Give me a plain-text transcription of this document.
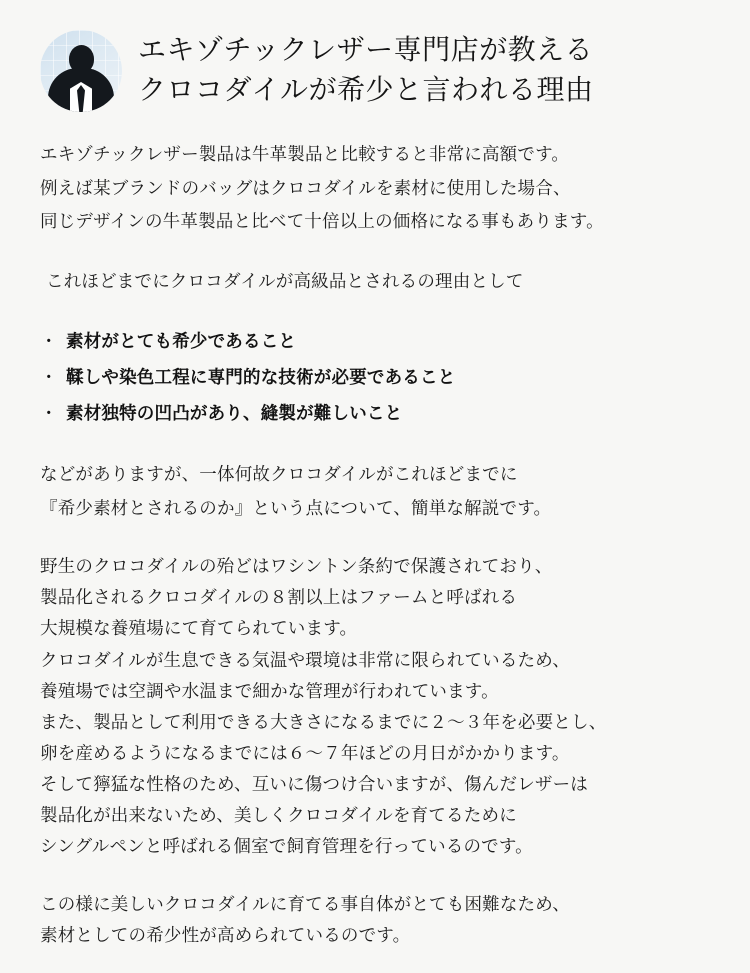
エキゾチックレザー専門店が教える
クロコダイルが希少と言われる理由
エキゾチックレザー製品は牛革製品と比較すると非常に高額です。
例えば某ブランドのバッグはクロコダイルを素材に使用した場合、
同じデザインの牛革製品と比べて十倍以上の価格になる事もあります。
これほどまでにクロコダイルが高級品とされるの理由として
・ 素材がとても希少であること
・ 鞣しや染色工程に専門的な技術が必要であること
・ 素材独特の凹凸があり、縫製が難しいこと
などがありますが、一体何故クロコダイルがこれほどまでに
『希少素材とされるのか』という点について、簡単な解説です。
野生のクロコダイルの殆どはワシントン条約で保護されており、
製品化されるクロコダイルの８割以上はファームと呼ばれる
大規模な養殖場にて育てられています。
クロコダイルが生息できる気温や環境は非常に限られているため、
養殖場では空調や水温まで細かな管理が行われています。
また、製品として利用できる大きさになるまでに２〜３年を必要とし、
卵を産めるようになるまでには６〜７年ほどの月日がかかります。
そして獰猛な性格のため、互いに傷つけ合いますが、傷んだレザーは
製品化が出来ないため、美しくクロコダイルを育てるために
シングルペンと呼ばれる個室で飼育管理を行っているのです。
この様に美しいクロコダイルに育てる事自体がとても困難なため、
素材としての希少性が高められているのです。
